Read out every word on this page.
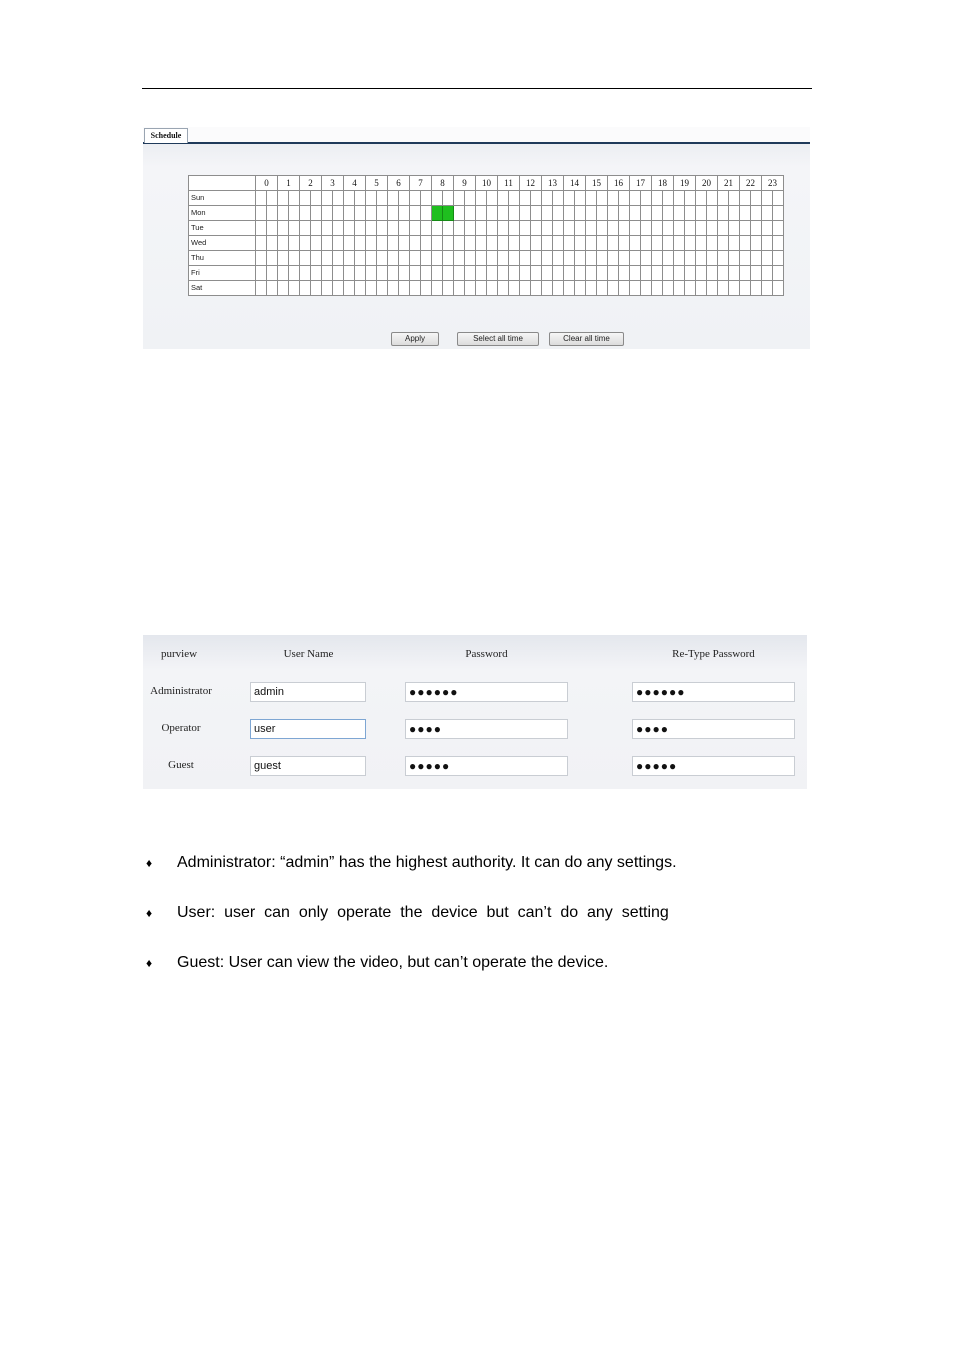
Schedule
	0		1		2		3		4		5		6		7		8		9		10		11		12		13		14		15		16		17		18		19		20		21		22		23	
Sun																																																
Mon																																																
Tue																																																
Wed																																																
Thu																																																
Fri																																																
Sat																																																
Apply	Select all time	Clear all time
purview	User Name	Password	Re-Type Password
Administrator	admin	●●●●●●	●●●●●●
Operator	user	●●●●	●●●●
Guest	guest	●●●●●	●●●●●
♦ Administrator: “admin” has the highest authority. It can do any settings.
♦ User:  user  can  only  operate  the  device  but  can’t  do  any  setting
♦ Guest: User can view the video, but can’t operate the device.
